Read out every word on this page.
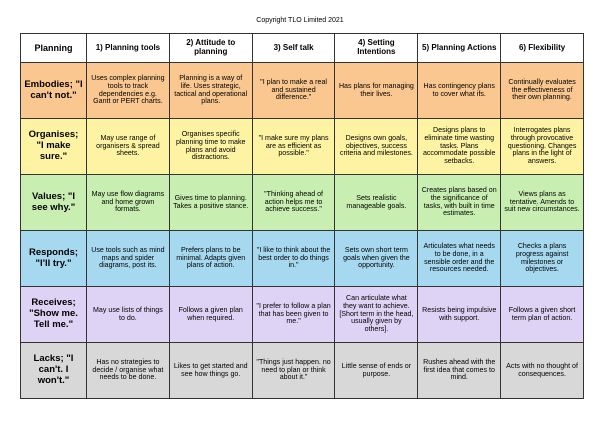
Copyright TLO Limited 2021
Planning	1) Planning tools	2) Attitude to planning	3) Self talk	4) Setting Intentions	5) Planning Actions	6) Flexibility
Embodies; "I can't not."	Uses complex planning tools to track dependencies e.g. Gantt or PERT charts.	Planning is a way of life. Uses strategic, tactical and operational plans.	"I plan to make a real and sustained difference."	Has plans for managing their lives.	Has contingency plans to cover what ifs.	Continually evaluates the effectiveness of their own planning.
Organises; "I make sure."	May use range of organisers & spread sheets.	Organises specific planning time to make plans and avoid distractions.	"I make sure my plans are as efficient as possible."	Designs own goals, objectives, success criteria and milestones.	Designs plans to eliminate time wasting tasks. Plans accommodate possible setbacks.	Interrogates plans through provocative questioning. Changes plans in the light of answers.
Values; "I see why."	May use flow diagrams and home grown formats.	Gives time to planning. Takes a positive stance.	"Thinking ahead of action helps me to achieve success."	Sets realistic manageable goals.	Creates plans based on the significance of tasks, with built in time estimates.	Views plans as tentative. Amends to suit new circumstances.
Responds; "I'll try."	Use tools such as mind maps and spider diagrams, post its.	Prefers plans to be minimal. Adapts given plans of action.	"I like to think about the best order to do things in."	Sets own short term goals when given the opportunity.	Articulates what needs to be done, in a sensible order and the resources needed.	Checks a plans progress against milestones or objectives.
Receives; "Show me. Tell me."	May use lists of things to do.	Follows a given plan when required.	"I prefer to follow a plan that has been given to me."	Can articulate what they want to achieve. [Short term in the head, usually given by others].	Resists being impulsive with support.	Follows a given short term plan of action.
Lacks; "I can't. I won't."	Has no strategies to decide / organise what needs to be done.	Likes to get started and see how things go.	"Things just happen. no need to plan or think about it."	Little sense of ends or purpose.	Rushes ahead with the first idea that comes to mind.	Acts with no thought of consequences.
